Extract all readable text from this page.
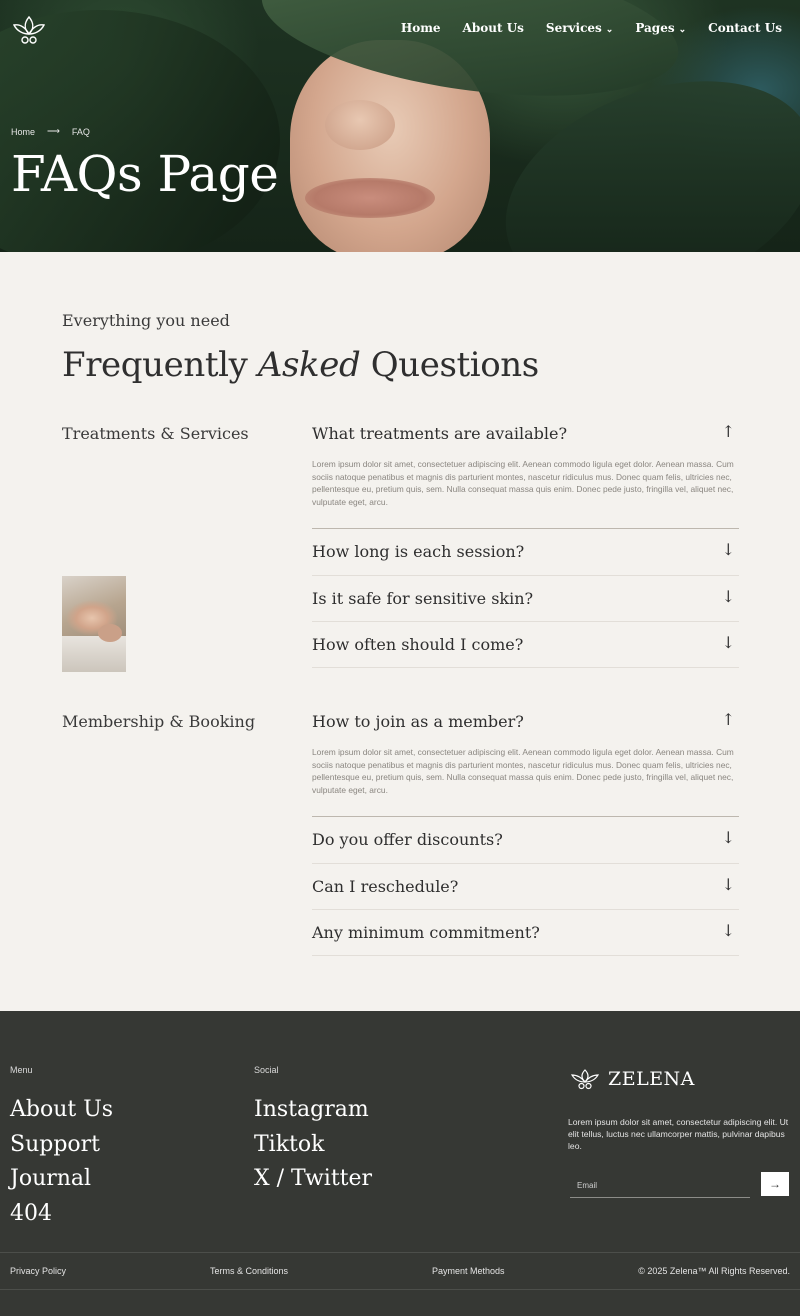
Home About Us Services ⌄ Pages ⌄ Contact Us
Home ⟶ FAQ
FAQs Page
Everything you need
Frequently Asked Questions
Treatments & Services	What treatments are available?	↑

Lorem ipsum dolor sit amet, consectetuer adipiscing elit. Aenean commodo ligula eget dolor. Aenean massa. Cum sociis natoque penatibus et magnis dis parturient montes, nascetur ridiculus mus. Donec quam felis, ultricies nec, pellentesque eu, pretium quis, sem. Nulla consequat massa quis enim. Donec pede justo, fringilla vel, aliquet nec, vulputate eget, arcu.

How long is each session?	↓
Is it safe for sensitive skin?	↓
How often should I come?	↓
Membership & Booking	How to join as a member?	↑

Lorem ipsum dolor sit amet, consectetuer adipiscing elit. Aenean commodo ligula eget dolor. Aenean massa. Cum sociis natoque penatibus et magnis dis parturient montes, nascetur ridiculus mus. Donec quam felis, ultricies nec, pellentesque eu, pretium quis, sem. Nulla consequat massa quis enim. Donec pede justo, fringilla vel, aliquet nec, vulputate eget, arcu.

Do you offer discounts?	↓
Can I reschedule?	↓
Any minimum commitment?	↓
Menu
About Us
Support
Journal
404
Social
Instagram
Tiktok
X / Twitter
ZELENA

Lorem ipsum dolor sit amet, consectetur adipiscing elit. Ut elit tellus, luctus nec ullamcorper mattis, pulvinar dapibus leo.

Email	→
Privacy Policy	Terms & Conditions	Payment Methods	© 2025 Zelena™ All Rights Reserved.
